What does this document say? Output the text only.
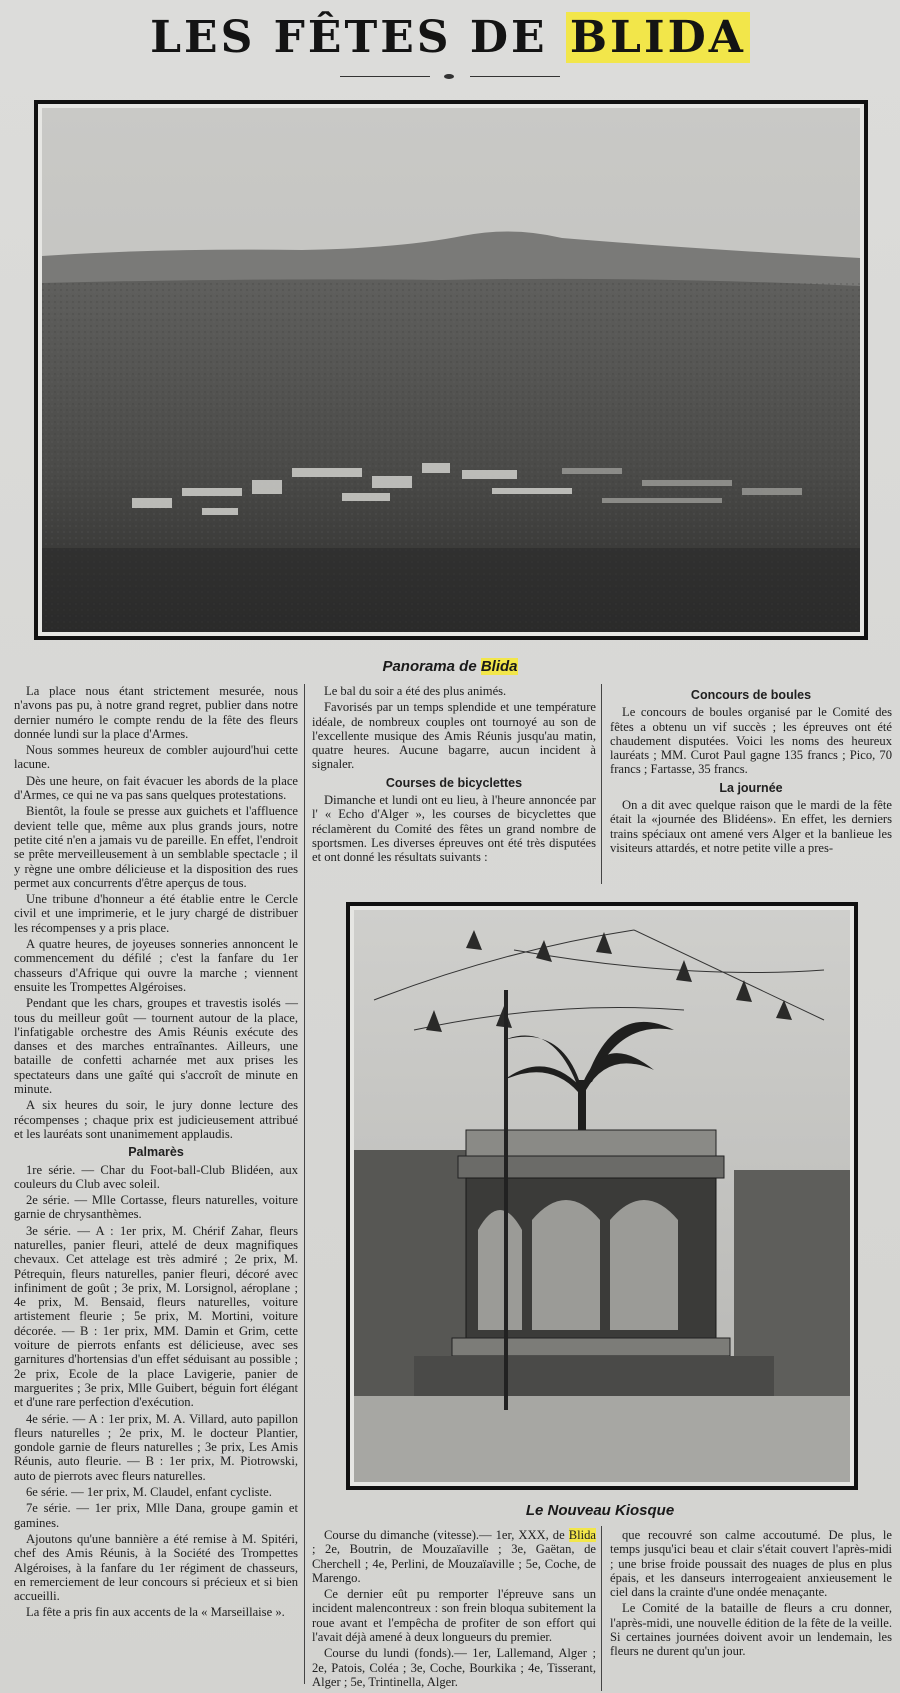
LES FÊTES DE BLIDA
Panorama de Blida

La place nous étant strictement mesurée, nous n'avons pas pu, à notre grand regret, publier dans notre dernier numéro le compte rendu de la fête des fleurs donnée lundi sur la place d'Armes.

Nous sommes heureux de combler aujourd'hui cette lacune.

Dès une heure, on fait évacuer les abords de la place d'Armes, ce qui ne va pas sans quelques protestations.

Bientôt, la foule se presse aux guichets et l'affluence devient telle que, même aux plus grands jours, notre petite cité n'en a jamais vu de pareille. En effet, l'endroit se prête merveilleusement à un semblable spectacle ; il y règne une ombre délicieuse et la disposition des rues permet aux concurrents d'être aperçus de tous.

Une tribune d'honneur a été établie entre le Cercle civil et une imprimerie, et le jury chargé de distribuer les récompenses y a pris place.

A quatre heures, de joyeuses sonneries annoncent le commencement du défilé ; c'est la fanfare du 1er chasseurs d'Afrique qui ouvre la marche ; viennent ensuite les Trompettes Algéroises.

Pendant que les chars, groupes et travestis isolés — tous du meilleur goût — tournent autour de la place, l'infatigable orchestre des Amis Réunis exécute des danses et des marches entraînantes. Ailleurs, une bataille de confetti acharnée met aux prises les spectateurs dans une gaîté qui s'accroît de minute en minute.

A six heures du soir, le jury donne lecture des récompenses ; chaque prix est judicieusement attribué et les lauréats sont unanimement applaudis.

Palmarès

1re série. — Char du Foot-ball-Club Blidéen, aux couleurs du Club avec soleil.

2e série. — Mlle Cortasse, fleurs naturelles, voiture garnie de chrysanthèmes.

3e série. — A : 1er prix, M. Chérif Zahar, fleurs naturelles, panier fleuri, attelé de deux magnifiques chevaux. Cet attelage est très admiré ; 2e prix, M. Pétrequin, fleurs naturelles, panier fleuri, décoré avec infiniment de goût ; 3e prix, M. Lorsignol, aéroplane ; 4e prix, M. Bensaid, fleurs naturelles, voiture artistement fleurie ; 5e prix, M. Mortini, voiture décorée. — B : 1er prix, MM. Damin et Grim, cette voiture de pierrots enfants est délicieuse, avec ses garnitures d'hortensias d'un effet séduisant au possible ; 2e prix, Ecole de la place Lavigerie, panier de marguerites ; 3e prix, Mlle Guibert, béguin fort élégant et d'une rare perfection d'exécution.

4e série. — A : 1er prix, M. A. Villard, auto papillon fleurs naturelles ; 2e prix, M. le docteur Plantier, gondole garnie de fleurs naturelles ; 3e prix, Les Amis Réunis, auto fleurie. — B : 1er prix, M. Piotrowski, auto de pierrots avec fleurs naturelles.

6e série. — 1er prix, M. Claudel, enfant cycliste.

7e série. — 1er prix, Mlle Dana, groupe gamin et gamines.

Ajoutons qu'une bannière a été remise à M. Spitéri, chef des Amis Réunis, à la Société des Trompettes Algéroises, à la fanfare du 1er régiment de chasseurs, en remerciement de leur concours si précieux et si bien accueilli.

La fête a pris fin aux accents de la « Marseillaise ».

Le bal du soir a été des plus animés.

Favorisés par un temps splendide et une température idéale, de nombreux couples ont tournoyé au son de l'excellente musique des Amis Réunis jusqu'au matin, quatre heures. Aucune bagarre, aucun incident à signaler.

Courses de bicyclettes

Dimanche et lundi ont eu lieu, à l'heure annoncée par l' « Echo d'Alger », les courses de bicyclettes que réclamèrent du Comité des fêtes un grand nombre de sportsmen. Les diverses épreuves ont été très disputées et ont donné les résultats suivants :

Concours de boules

Le concours de boules organisé par le Comité des fêtes a obtenu un vif succès ; les épreuves ont été chaudement disputées. Voici les noms des heureux lauréats ; MM. Curot Paul gagne 135 francs ; Pico, 70 francs ; Fartasse, 35 francs.

La journée

On a dit avec quelque raison que le mardi de la fête était la «journée des Blidéens». En effet, les derniers trains spéciaux ont amené vers Alger et la banlieue les visiteurs attardés, et notre petite ville a pres-

Le Nouveau Kiosque

Course du dimanche (vitesse).— 1er, XXX, de Blida ; 2e, Boutrin, de Mouzaïaville ; 3e, Gaëtan, de Cherchell ; 4e, Perlini, de Mouzaïaville ; 5e, Coche, de Marengo.

Ce dernier eût pu remporter l'épreuve sans un incident malencontreux : son frein bloqua subitement la roue avant et l'empêcha de profiter de son effort qui l'avait déjà amené à deux longueurs du premier.

Course du lundi (fonds).— 1er, Lallemand, Alger ; 2e, Patois, Coléa ; 3e, Coche, Bourkika ; 4e, Tisserant, Alger ; 5e, Trintinella, Alger.

que recouvré son calme accoutumé. De plus, le temps jusqu'ici beau et clair s'était couvert l'après-midi ; une brise froide poussait des nuages de plus en plus épais, et les danseurs interrogeaient anxieusement le ciel dans la crainte d'une ondée menaçante.

Le Comité de la bataille de fleurs a cru donner, l'après-midi, une nouvelle édition de la fête de la veille. Si certaines journées doivent avoir un lendemain, les fleurs ne durent qu'un jour.
